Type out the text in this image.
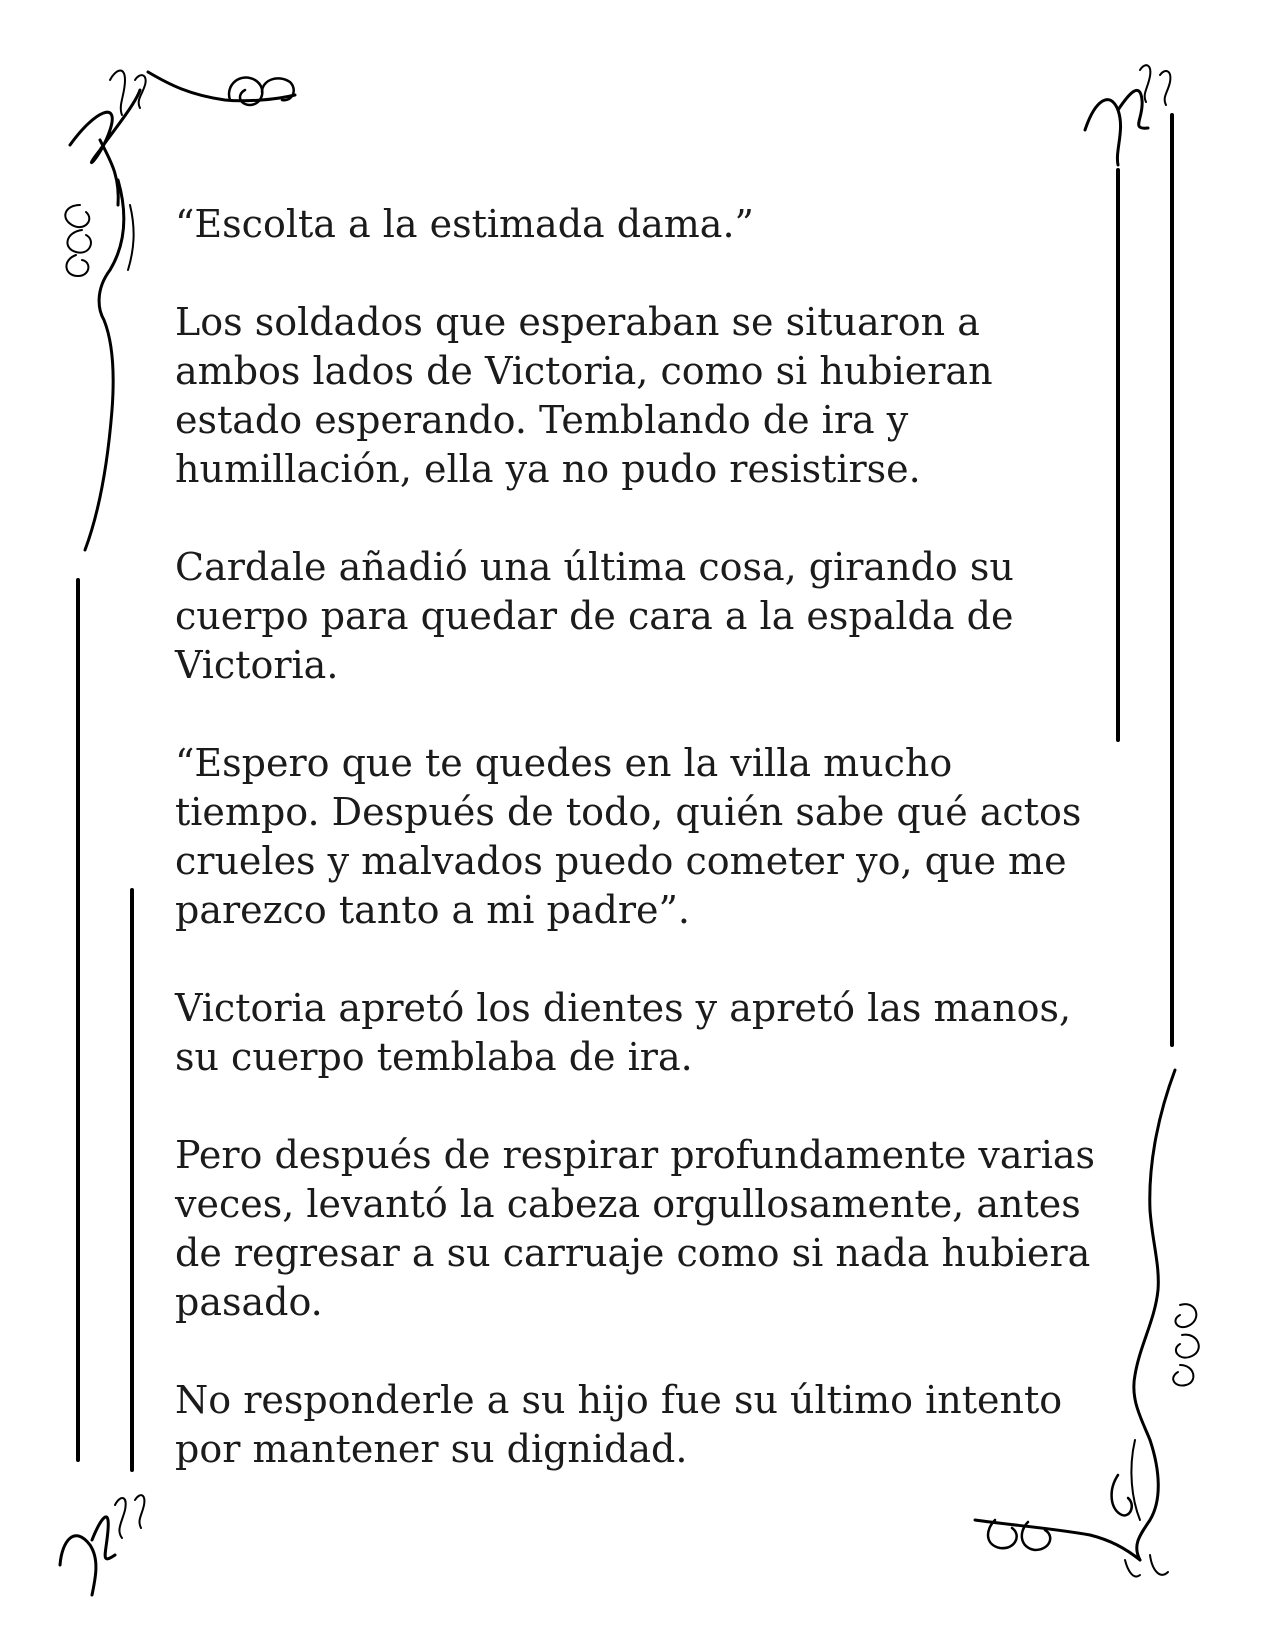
“Escolta a la estimada dama.”

Los soldados que esperaban se situaron a
ambos lados de Victoria, como si hubieran
estado esperando. Temblando de ira y
humillación, ella ya no pudo resistirse.

Cardale añadió una última cosa, girando su
cuerpo para quedar de cara a la espalda de
Victoria.

“Espero que te quedes en la villa mucho
tiempo. Después de todo, quién sabe qué actos
crueles y malvados puedo cometer yo, que me
parezco tanto a mi padre”.

Victoria apretó los dientes y apretó las manos,
su cuerpo temblaba de ira.

Pero después de respirar profundamente varias
veces, levantó la cabeza orgullosamente, antes
de regresar a su carruaje como si nada hubiera
pasado.

No responderle a su hijo fue su último intento
por mantener su dignidad.
